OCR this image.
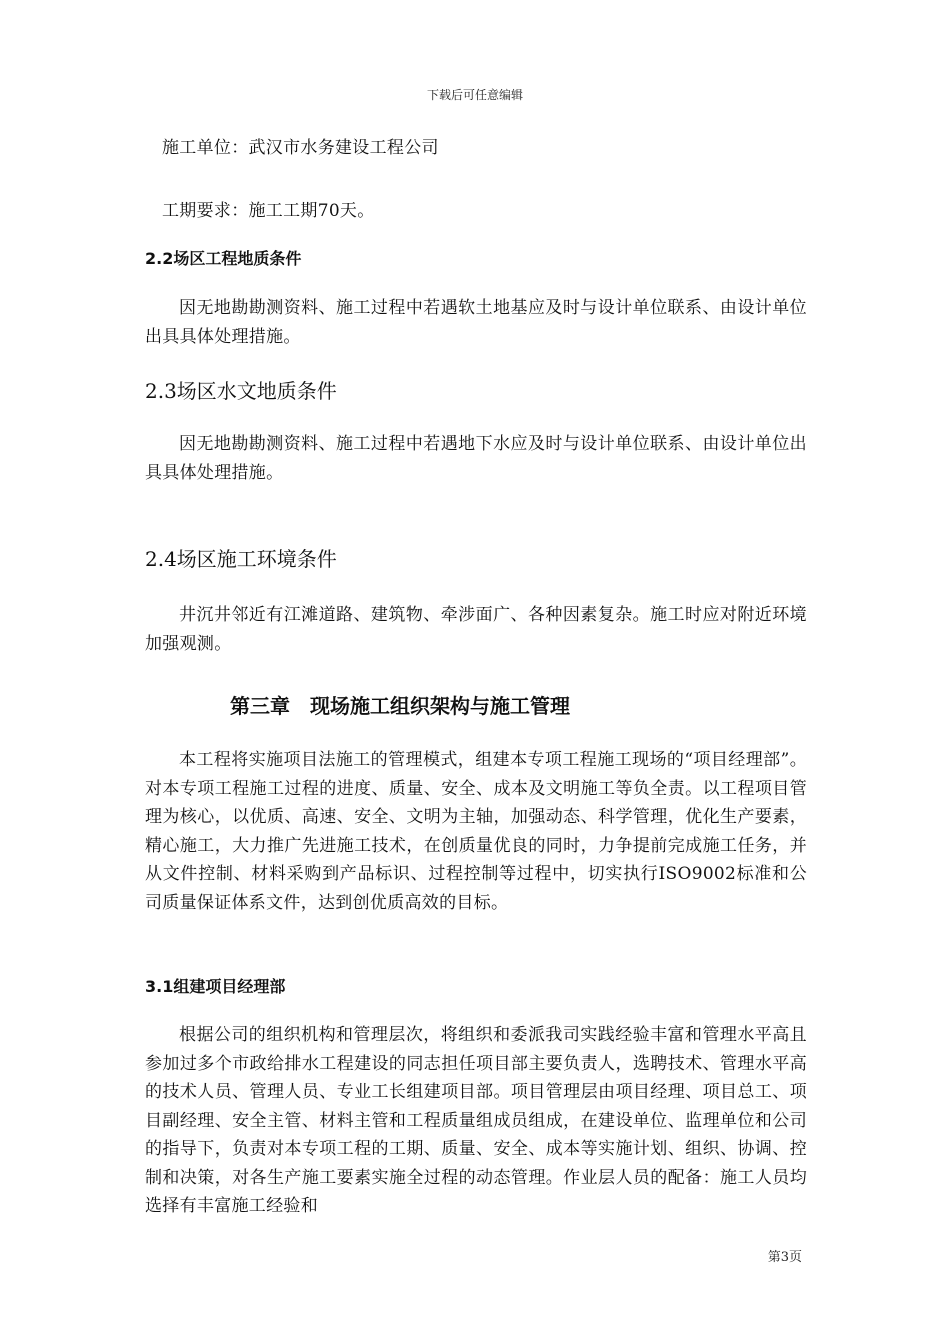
下载后可任意编辑

施工单位：武汉市水务建设工程公司

工期要求：施工工期70天。

2.2场区工程地质条件

因无地勘勘测资料、施工过程中若遇软土地基应及时与设计单位联系、由设计单位出具具体处理措施。

2.3场区水文地质条件

因无地勘勘测资料、施工过程中若遇地下水应及时与设计单位联系、由设计单位出具具体处理措施。

2.4场区施工环境条件

井沉井邻近有江滩道路、建筑物、牵涉面广、各种因素复杂。施工时应对附近环境加强观测。

第三章　现场施工组织架构与施工管理

本工程将实施项目法施工的管理模式，组建本专项工程施工现场的“项目经理部”。对本专项工程施工过程的进度、质量、安全、成本及文明施工等负全责。以工程项目管理为核心，以优质、高速、安全、文明为主轴，加强动态、科学管理，优化生产要素，精心施工，大力推广先进施工技术，在创质量优良的同时，力争提前完成施工任务，并从文件控制、材料采购到产品标识、过程控制等过程中，切实执行ISO9002标准和公司质量保证体系文件，达到创优质高效的目标。

3.1组建项目经理部

根据公司的组织机构和管理层次，将组织和委派我司实践经验丰富和管理水平高且参加过多个市政给排水工程建设的同志担任项目部主要负责人，选聘技术、管理水平高的技术人员、管理人员、专业工长组建项目部。项目管理层由项目经理、项目总工、项目副经理、安全主管、材料主管和工程质量组成员组成，在建设单位、监理单位和公司的指导下，负责对本专项工程的工期、质量、安全、成本等实施计划、组织、协调、控制和决策，对各生产施工要素实施全过程的动态管理。作业层人员的配备：施工人员均选择有丰富施工经验和

第3页
